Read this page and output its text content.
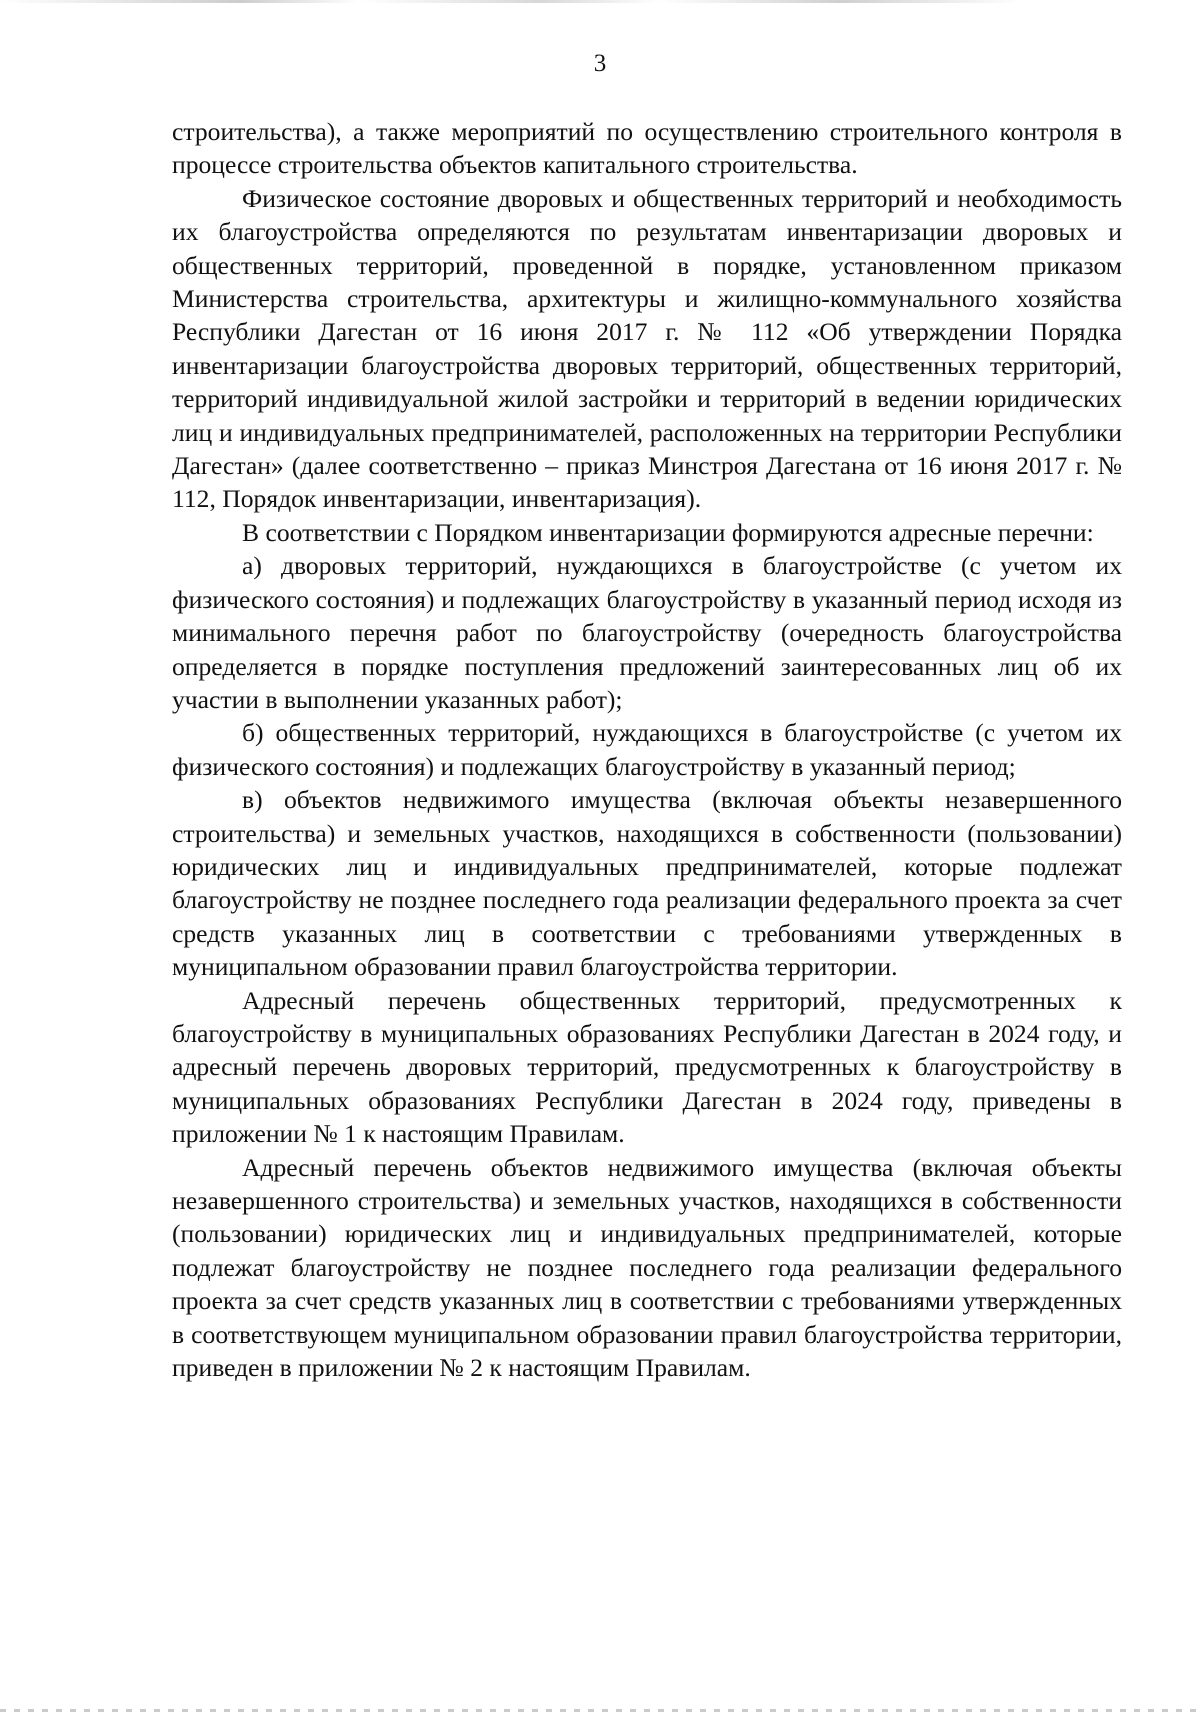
3

строительства), а также мероприятий по осуществлению строительного контроля в процессе строительства объектов капитального строительства.

Физическое состояние дворовых и общественных территорий и необходимость их благоустройства определяются по результатам инвентаризации дворовых и общественных территорий, проведенной в порядке, установленном приказом Министерства строительства, архитектуры и жилищно-коммунального хозяйства Республики Дагестан от 16 июня 2017 г. № 112 «Об утверждении Порядка инвентаризации благоустройства дворовых территорий, общественных территорий, территорий индивидуальной жилой застройки и территорий в ведении юридических лиц и индивидуальных предпринимателей, расположенных на территории Республики Дагестан» (далее соответственно – приказ Минстроя Дагестана от 16 июня 2017 г. № 112, Порядок инвентаризации, инвентаризация).

В соответствии с Порядком инвентаризации формируются адресные перечни:

а) дворовых территорий, нуждающихся в благоустройстве (с учетом их физического состояния) и подлежащих благоустройству в указанный период исходя из минимального перечня работ по благоустройству (очередность благоустройства определяется в порядке поступления предложений заинтересованных лиц об их участии в выполнении указанных работ);

б) общественных территорий, нуждающихся в благоустройстве (с учетом их физического состояния) и подлежащих благоустройству в указанный период;

в) объектов недвижимого имущества (включая объекты незавершенного строительства) и земельных участков, находящихся в собственности (пользовании) юридических лиц и индивидуальных предпринимателей, которые подлежат благоустройству не позднее последнего года реализации федерального проекта за счет средств указанных лиц в соответствии с требованиями утвержденных в муниципальном образовании правил благоустройства территории.

Адресный перечень общественных территорий, предусмотренных к благоустройству в муниципальных образованиях Республики Дагестан в 2024 году, и адресный перечень дворовых территорий, предусмотренных к благоустройству в муниципальных образованиях Республики Дагестан в 2024 году, приведены в приложении № 1 к настоящим Правилам.

Адресный перечень объектов недвижимого имущества (включая объекты незавершенного строительства) и земельных участков, находящихся в собственности (пользовании) юридических лиц и индивидуальных предпринимателей, которые подлежат благоустройству не позднее последнего года реализации федерального проекта за счет средств указанных лиц в соответствии с требованиями утвержденных в соответствующем муниципальном образовании правил благоустройства территории, приведен в приложении № 2 к настоящим Правилам.
